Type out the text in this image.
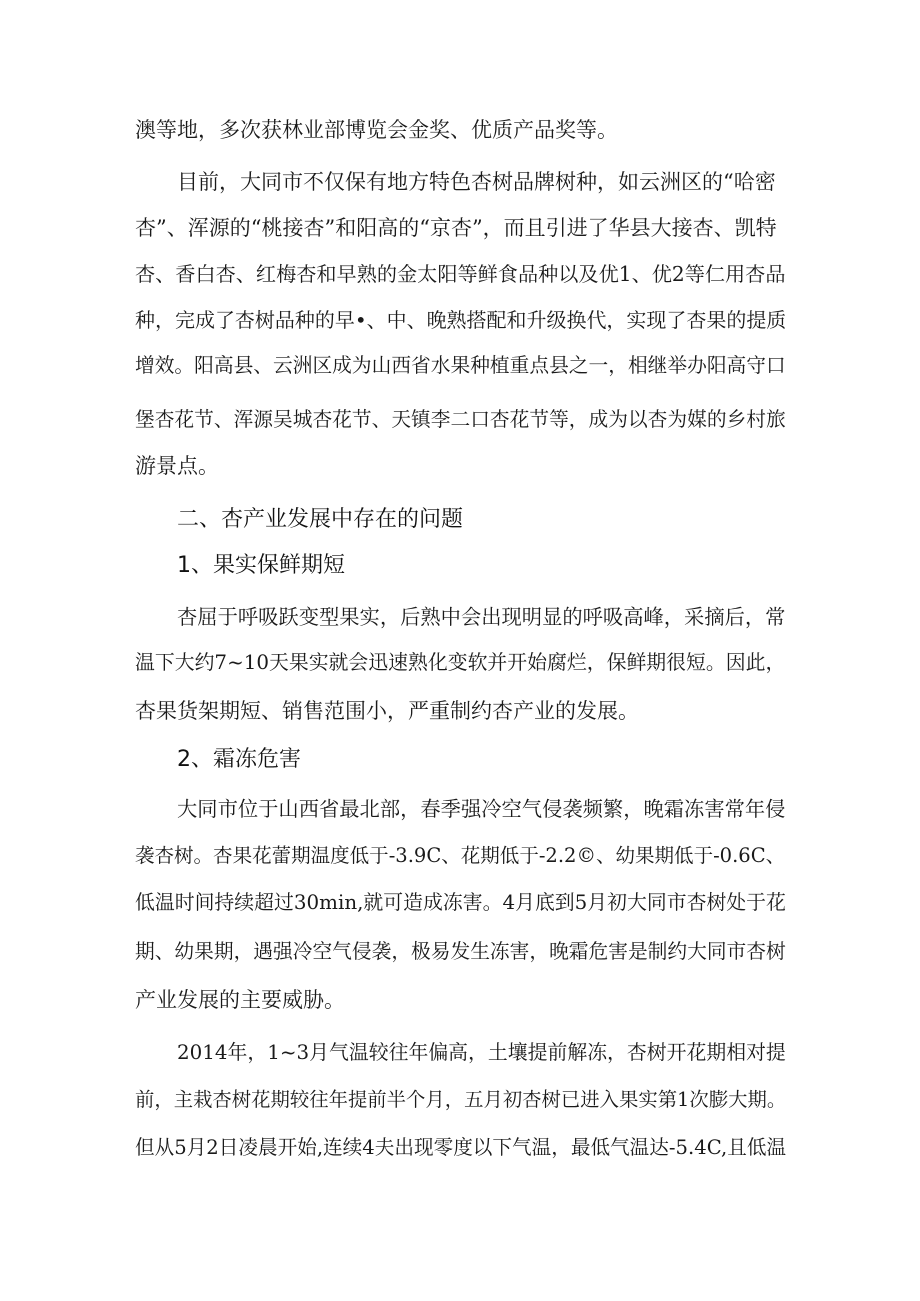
澳等地，多次获林业部博览会金奖、优质产品奖等。
目前，大同市不仅保有地方特色杏树品牌树种，如云洲区的“哈密
杏”、浑源的“桃接杏”和阳高的“京杏”，而且引进了华县大接杏、凯特
杏、香白杏、红梅杏和早熟的金太阳等鲜食品种以及优1、优2等仁用杏品
种，完成了杏树品种的早•、中、晚熟搭配和升级换代，实现了杏果的提质
增效。阳高县、云洲区成为山西省水果种植重点县之一，相继举办阳高守口
堡杏花节、浑源吴城杏花节、天镇李二口杏花节等，成为以杏为媒的乡村旅
游景点。
二、杏产业发展中存在的问题
1、果实保鲜期短
杏屈于呼吸跃变型果实，后熟中会出现明显的呼吸高峰，采摘后，常
温下大约7~10天果实就会迅速熟化变软并开始腐烂，保鲜期很短。因此，
杏果货架期短、销售范围小，严重制约杏产业的发展。
2、霜冻危害
大同市位于山西省最北部，春季强冷空气侵袭频繁，晚霜冻害常年侵
袭杏树。杏果花蕾期温度低于-3.9C、花期低于-2.2©、幼果期低于-0.6C、
低温时间持续超过30min,就可造成冻害。4月底到5月初大同市杏树处于花
期、幼果期，遇强冷空气侵袭，极易发生冻害，晚霜危害是制约大同市杏树
产业发展的主要威胁。
2014年，1~3月气温较往年偏高，土壤提前解冻，杏树开花期相对提
前，主栽杏树花期较往年提前半个月，五月初杏树已进入果实第1次膨大期。
但从5月2日凌晨开始,连续4夫出现零度以下气温，最低气温达-5.4C,且低温
